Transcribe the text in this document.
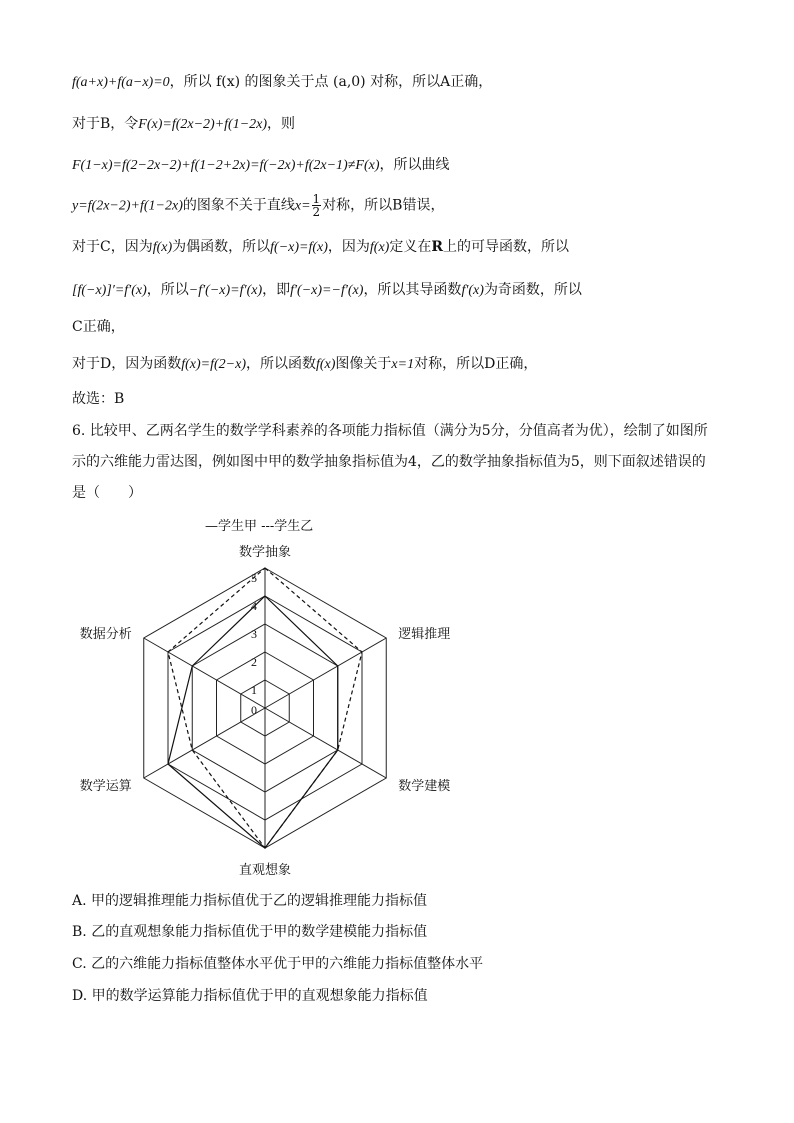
f(a+x)+f(a−x)=0，所以 f(x) 的图象关于点 (a,0) 对称，所以A正确，
对于B，令F(x)=f(2x−2)+f(1−2x)，则
F(1−x)=f(2−2x−2)+f(1−2+2x)=f(−2x)+f(2x−1)≠F(x)，所以曲线
y=f(2x−2)+f(1−2x)的图象不关于直线$x= \frac{1}{2}$ 对称，所以B错误，
对于C，因为f(x)为偶函数，所以f(−x)=f(x)，因为f(x)定义在R上的可导函数，所以
[f(−x)]′=f′(x)，所以−f′(−x)=f′(x)，即f′(−x)=−f′(x)，所以其导函数f′(x)为奇函数，所以
C正确，
对于D，因为函数f(x)=f(2−x)，所以函数f(x)图像关于x=1对称，所以D正确，
故选：B
6. 比较甲、乙两名学生的数学学科素养的各项能力指标值（满分为5分，分值高者为优），绘制了如图所
示的六维能力雷达图，例如图中甲的数学抽象指标值为4，乙的数学抽象指标值为5，则下面叙述错误的
是（　　）
0
1
2
3
4
5
数学抽象
逻辑推理
数学建模
直观想象
数学运算
数据分析
—学生甲 ---学生乙
A. 甲的逻辑推理能力指标值优于乙的逻辑推理能力指标值
B. 乙的直观想象能力指标值优于甲的数学建模能力指标值
C. 乙的六维能力指标值整体水平优于甲的六维能力指标值整体水平
D. 甲的数学运算能力指标值优于甲的直观想象能力指标值
